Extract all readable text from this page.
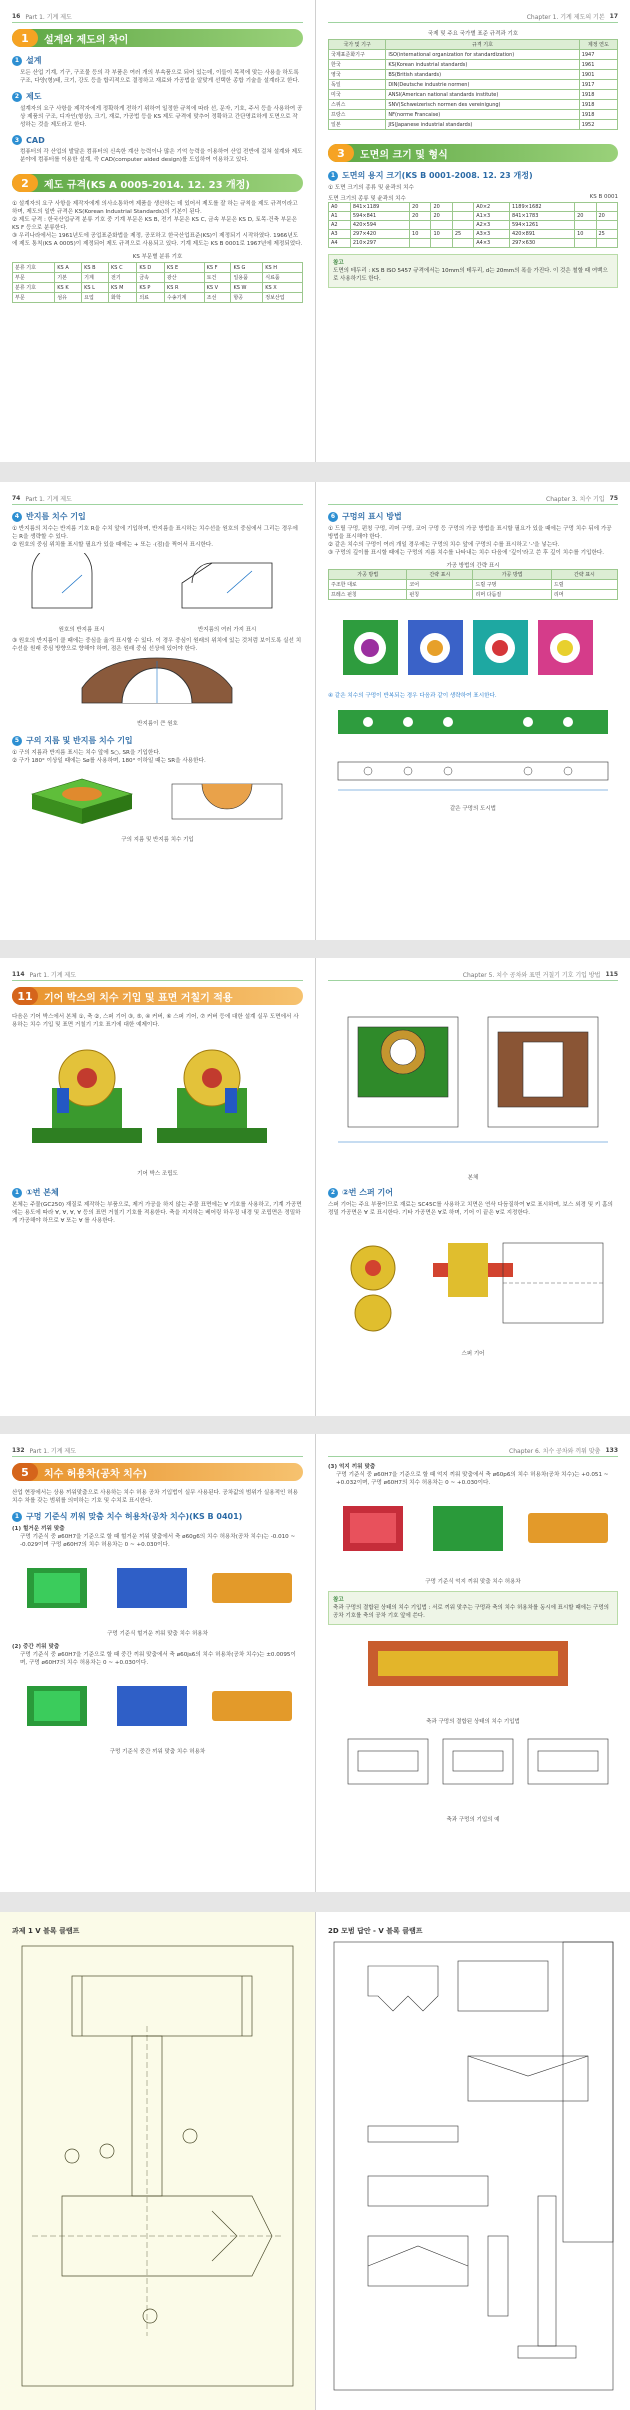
16 Part 1. 기계 제도
1	설계와 제도의 차이
1 설계

모든 산업 기계, 기구, 구조물 등의 각 부품은 여러 개의 부속품으로 되어 있는데, 이들이 목적에 맞는 사용을 하도록 구조, 다양(형)태, 크기, 강도 등을 합리적으로 결정하고 재료와 가공법을 알맞게 선택한 종합 기술을 설계라고 한다.

2 제도

설계자의 요구 사항을 제작자에게 정확하게 전하기 위하여 일정한 규칙에 따라 선, 문자, 기호, 주서 등을 사용하여 공상 제품의 구조, 디자인(형상), 크기, 재료, 가공법 등을 KS 제도 규격에 맞추어 정확하고 간단명료하게 도면으로 작성하는 것을 제도라고 한다.

3 CAD

컴퓨터의 각 산업의 발달은 컴퓨터의 신속한 계산 능력이나 많은 기억 능력을 이용하여 산업 전반에 걸쳐 설계와 제도 분야에 컴퓨터를 이용한 설계, 즉 CAD(computer aided design)를 도입하여 이용하고 있다.

2	제도 규격(KS A 0005-2014. 12. 23 개정)

① 설계자의 요구 사항을 제작자에게 의사소통하여 제품을 생산하는 데 있어서 제도를 잘 하는 규칙을 제도 규격이라고 하며, 제도의 일반 규격은 KS(Korean Industrial Standards)의 기본이 된다.

② 제도 규격 : 한국산업규격 분류 기호 중 기계 부문은 KS B, 전기 부문은 KS C, 금속 부문은 KS D, 토목·건축 부문은 KS F 등으로 분류한다.

③ 우리나라에서는 1961년도에 공업표준화법을 제정, 공포하고 한국산업표준(KS)이 제정되기 시작하였다. 1966년도에 제도 통칙(KS A 0005)이 제정되어 제도 규격으로 사용되고 있다. 기계 제도는 KS B 0001로 1967년에 제정되었다.

KS 부문별 분류 기호
분류 기호	KS A	KS B	KS C	KS D	KS E	KS F	KS G	KS H
부문	기본	기계	전기	금속	광산	토건	일용품	식료품
분류 기호	KS K	KS L	KS M	KS P	KS R	KS V	KS W	KS X
부문	섬유	요업	화학	의료	수송기계	조선	항공	정보산업
Chapter 1. 기계 제도의 기본 17
국제 및 주요 국가별 표준 규격과 기호
국가 및 기구	규격 기호	제정 연도
국제표준화기구	ISO(international organization for standardization)	1947
한국	KS(Korean industrial standards)	1961
영국	BS(British standards)	1901
독일	DIN(Deutsche industrie normen)	1917
미국	ANSI(American national standards institute)	1918
스위스	SNV(Schweizerisch normen des vereinigung)	1918
프랑스	NF(norme Francaise)	1918
일본	JIS(Japanese industrial standards)	1952
3	도면의 크기 및 형식
1 도면의 용지 크기(KS B 0001-2008. 12. 23 개정)

① 도면 크기의 종류 및 윤곽의 치수

도면 크기의 종류 및 윤곽의 치수	KS B 0001
A0	841×1189	20	20		A0×2	1189×1682		
A1	594×841	20	20		A1×3	841×1783	20	20
A2	420×594				A2×3	594×1261		
A3	297×420	10	10	25	A3×3	420×891	10	25
A4	210×297				A4×3	297×630		
참고
도면의 테두리 : KS B ISO 5457 규격에서는 10mm의 테두리, d는 20mm의 폭을 가진다. 이 것은 철할 때 여백으로 사용하기도 한다.
74 Part 1. 기계 제도
4 반지름 치수 기입

① 반지름의 치수는 반지름 기호 R을 수치 앞에 기입하며, 반지름을 표시하는 치수선을 원호의 중심에서 그리는 경우에는 R을 생략할 수 있다.

② 원호의 중심 위치를 표시할 필요가 있을 때에는 + 또는 ·(점)을 찍어서 표시한다.

원호의 반지름 표시	반지름의 여러 가지 표시

③ 원호의 반지름이 클 때에는 중심을 옮겨 표시할 수 있다. 이 경우 중심이 원래의 위치에 있는 것처럼 보이도록 실선 치수선을 원래 중심 방향으로 향해야 하며, 점은 원래 중심 선상에 있어야 한다.

반지름이 큰 원호
5 구의 지름 및 반지름 치수 기입

① 구의 지름과 반지름 표시는 치수 앞에 S○, SR을 기입한다.

② 구가 180° 이상일 때에는 Sø를 사용하며, 180° 이하일 때는 SR을 사용한다.

구의 지름 및 반지름 치수 기입
Chapter 3. 치수 기입 75
6 구멍의 표시 방법

① 드릴 구멍, 펀칭 구멍, 리머 구멍, 코어 구멍 등 구멍의 가공 방법을 표시할 필요가 있을 때에는 구멍 치수 뒤에 가공 방법을 표시해야 한다.

② 같은 치수의 구멍이 여러 개일 경우에는 구멍의 치수 앞에 구멍의 수를 표시하고 '-'을 넣는다.

③ 구멍의 깊이를 표시할 때에는 구멍의 지름 치수를 나타내는 치수 다음에 '깊이'라고 쓴 후 깊이 치수를 기입한다.

가공 방법의 간략 표시
가공 방법	간략 표시	가공 방법	간략 표시
주조한 대로	코어	드릴 구멍	드릴
프레스 펀칭	펀칭	리머 다듬질	리머

④ 같은 치수의 구멍이 반복되는 경우 다음과 같이 생략하여 표시한다.

같은 구멍의 도시법
114 Part 1. 기계 제도
11	기어 박스의 치수 기입 및 표면 거칠기 적용

다음은 기어 박스에서 본체 ①, 축 ②, 스퍼 기어 ③, ⑤, ④ 커버, ⑥ 스퍼 기어, ⑦ 커버 등에 대한 설계 실무 도면에서 사용하는 치수 기입 및 표면 거칠기 기호 표기에 대한 예제이다.

기어 박스 조립도
1 ①번 본체

본체는 주물(GC250) 재질로 제작하는 부품으로, 제거 가공을 하지 않는 주물 표면에는 ∀ 기호를 사용하고, 기계 가공면에는 용도에 따라 ∀, ∀, ∀, ∀ 등의 표면 거칠기 기호를 적용한다. 축을 지지하는 베어링 하우징 내경 및 조립면은 정밀하게 가공해야 하므로 ∀ 또는 ∀ 를 사용한다.

Chapter 5. 치수 공차와 표면 거칠기 기호 기입 방법 115
본체
2 ②번 스퍼 기어

스퍼 기어는 주요 부품이므로 재료는 SC45C를 사용하고 치면은 연삭 다듬질하여 ∀로 표시하며, 보스 외경 및 키 홈의 정밀 가공면은 ∀ 로 표시한다. 기타 가공면은 ∀로 하며, 기어 이 끝은 ∀로 지정한다.

스퍼 기어
132 Part 1. 기계 제도
5	치수 허용차(공차 치수)

산업 현장에서는 상용 끼워맞춤으로 사용하는 치수 허용 공차 기입법이 실무 사용된다. 공차값의 범위가 실용적인 허용 치수 차를 갖는 범위를 의미하는 기호 및 수치로 표시한다.

1 구멍 기준식 끼워 맞춤 치수 허용차(공차 치수)(KS B 0401)

(1) 헐거운 끼워 맞춤

구멍 기준식 중 ø60H7을 기준으로 할 때 헐거운 끼워 맞춤에서 축 ø60g6의 치수 허용차(공차 치수)는 -0.010 ~ -0.029이며 구멍 ø60H7의 치수 허용차는 0 ~ +0.030이다.

구멍 기준식 헐거운 끼워 맞춤 치수 허용차

(2) 중간 끼워 맞춤

구멍 기준식 중 ø60H7을 기준으로 할 때 중간 끼워 맞춤에서 축 ø60js6의 치수 허용차(공차 치수)는 ±0.0095이며, 구멍 ø60H7의 치수 허용차는 0 ~ +0.030이다.

구멍 기준식 중간 끼워 맞춤 치수 허용차
Chapter 6. 치수 공차와 끼워 맞춤 133

(3) 억지 끼워 맞춤

구멍 기준식 중 ø60H7을 기준으로 할 때 억지 끼워 맞춤에서 축 ø60p6의 치수 허용차(공차 치수)는 +0.051 ~ +0.032이며, 구멍 ø60H7의 치수 허용차는 0 ~ +0.030이다.

구멍 기준식 억지 끼워 맞춤 치수 허용차
참고
축과 구멍의 결합된 상태의 치수 기입법 : 서로 끼워 맞추는 구멍과 축의 치수 허용차를 동시에 표시할 때에는 구멍의 공차 기호를 축의 공차 기호 앞에 쓴다.
축과 구멍의 결합된 상태의 치수 기입법
축과 구멍의 기입의 예
과제 1 V 블록 클램프	2D 모범 답안 - V 블록 클램프
